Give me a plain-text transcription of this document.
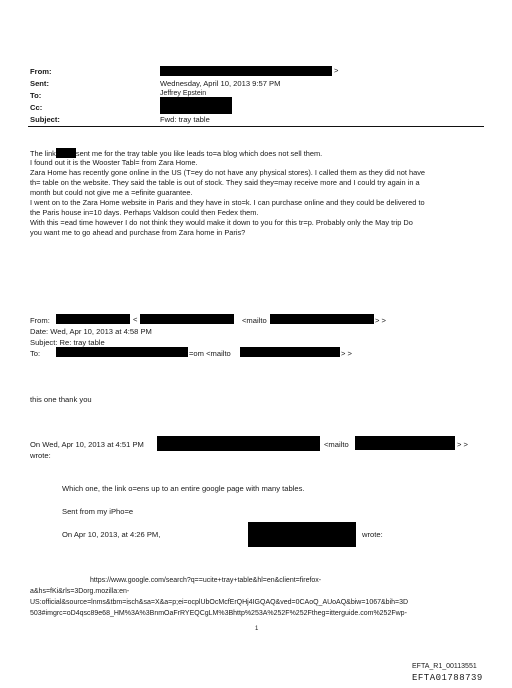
From:	>
Sent:	Wednesday, April 10, 2013 9:57 PM
To:	Jeffrey Epstein
Cc:
Subject:	Fwd: tray table
The link	sent me for the tray table you like leads to=a blog which does not sell them.
I found out it is the Wooster Tabl= from Zara Home.
Zara Home has recently gone online in the US (T=ey do not have any physical stores). I called them as they did not have
th= table on the website. They said the table is out of stock. They said they=may receive more and I could try again in a
month but could not give me a =efinite guarantee.
I went on to the Zara Home website in Paris and they have in sto=k. I can purchase online and they could be delivered to
the Paris house in=10 days. Perhaps Valdson could then Fedex them.
With this =ead time however I do not think they would make it down to you for this tr=p. Probably only the May trip Do
you want me to go ahead and purchase from Zara home in Paris?
From:	<	<mailto	> >
Date: Wed, Apr 10, 2013 at 4:58 PM
Subject: Re: tray table
To:	=om <mailto	> >
this one thank you
On Wed, Apr 10, 2013 at 4:51 PM	<mailto	> >
wrote:
Which one, the link o=ens up to an entire google page with many tables.
Sent from my iPho=e
On Apr 10, 2013, at 4:26 PM,	wrote:
https://www.google.com/search?q==ucite+tray+table&hl=en&client=firefox-
a&hs=fKi&rls=3Dorg.mozilla:en-
US:official&source=lnms&tbm=isch&sa=X&a=p;ei=ocplUbOcMcfErQHj4IGQAQ&ved=0CAoQ_AUoAQ&biw=1067&bih=3D
503#imgrc=oD4qsc89e68_HM%3A%3BnmOaFrRYEQCgLM%3Bhttp%253A%252F%252Ftheg=itterguide.com%252Fwp-
1
EFTA_R1_00113551
EFTA01788739
